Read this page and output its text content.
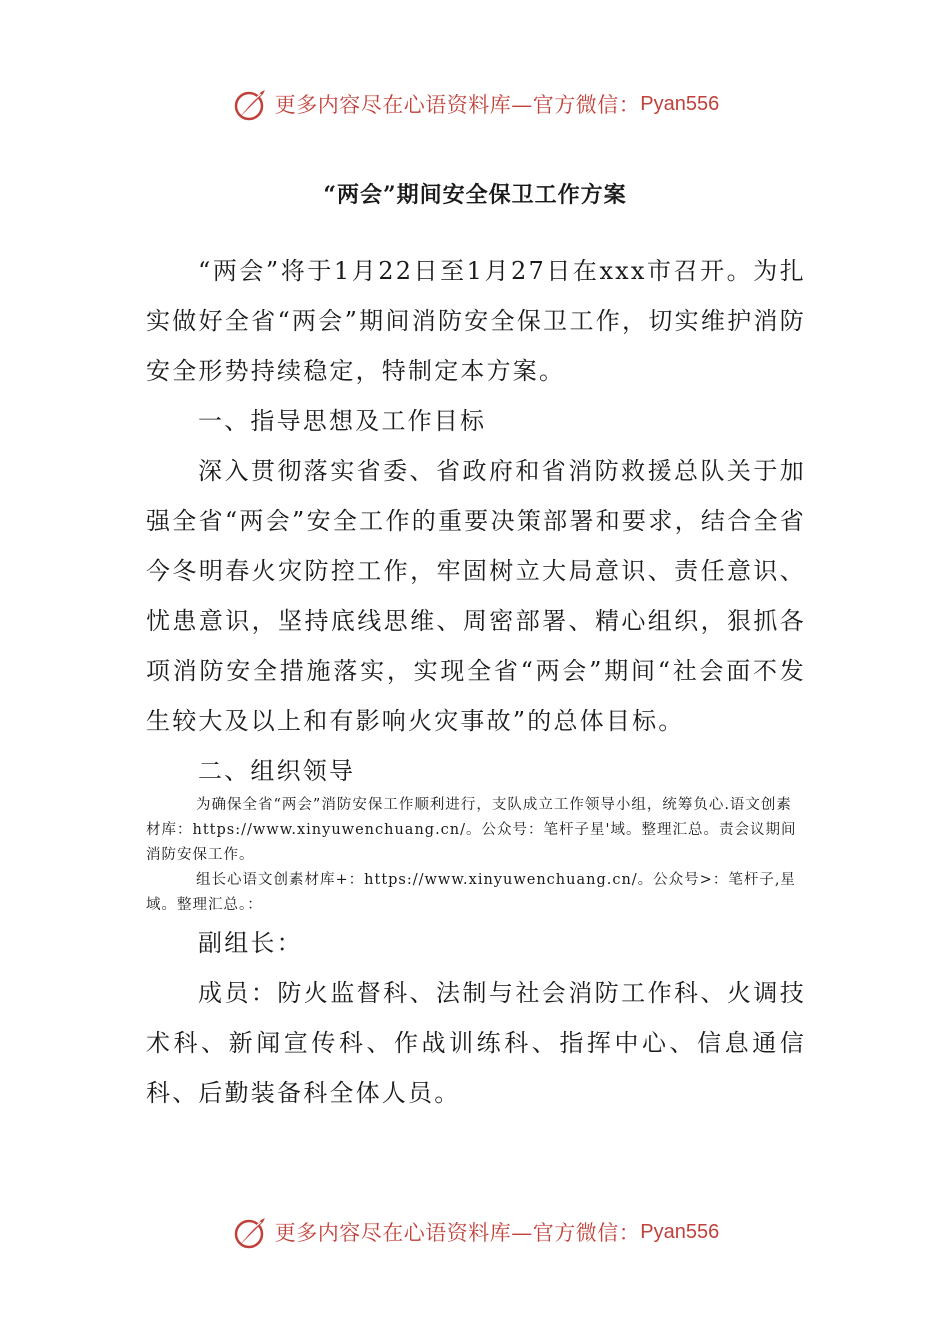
更多内容尽在心语资料库—官方微信： Pyan556
“两会”期间安全保卫工作方案

“两会”将于1月22日至1月27日在xxx市召开。为扎实做好全省“两会”期间消防安全保卫工作，切实维护消防安全形势持续稳定，特制定本方案。

一、指导思想及工作目标

深入贯彻落实省委、省政府和省消防救援总队关于加强全省“两会”安全工作的重要决策部署和要求，结合全省今冬明春火灾防控工作，牢固树立大局意识、责任意识、忧患意识，坚持底线思维、周密部署、精心组织，狠抓各项消防安全措施落实，实现全省“两会”期间“社会面不发生较大及以上和有影响火灾事故”的总体目标。

二、组织领导

为确保全省“两会”消防安保工作顺利进行，支队成立工作领导小组，统筹负心.语文创素材库：https://www.xinyuwenchuang.cn/。公众号：笔杆子星'域。整理汇总。责会议期间消防安保工作。

组长心语文创素材库+：https://www.xinyuwenchuang.cn/。公众号>：笔杆子,星域。整理汇总。：

副组长：

成员：防火监督科、法制与社会消防工作科、火调技术科、新闻宣传科、作战训练科、指挥中心、信息通信科、后勤装备科全体人员。

更多内容尽在心语资料库—官方微信： Pyan556
